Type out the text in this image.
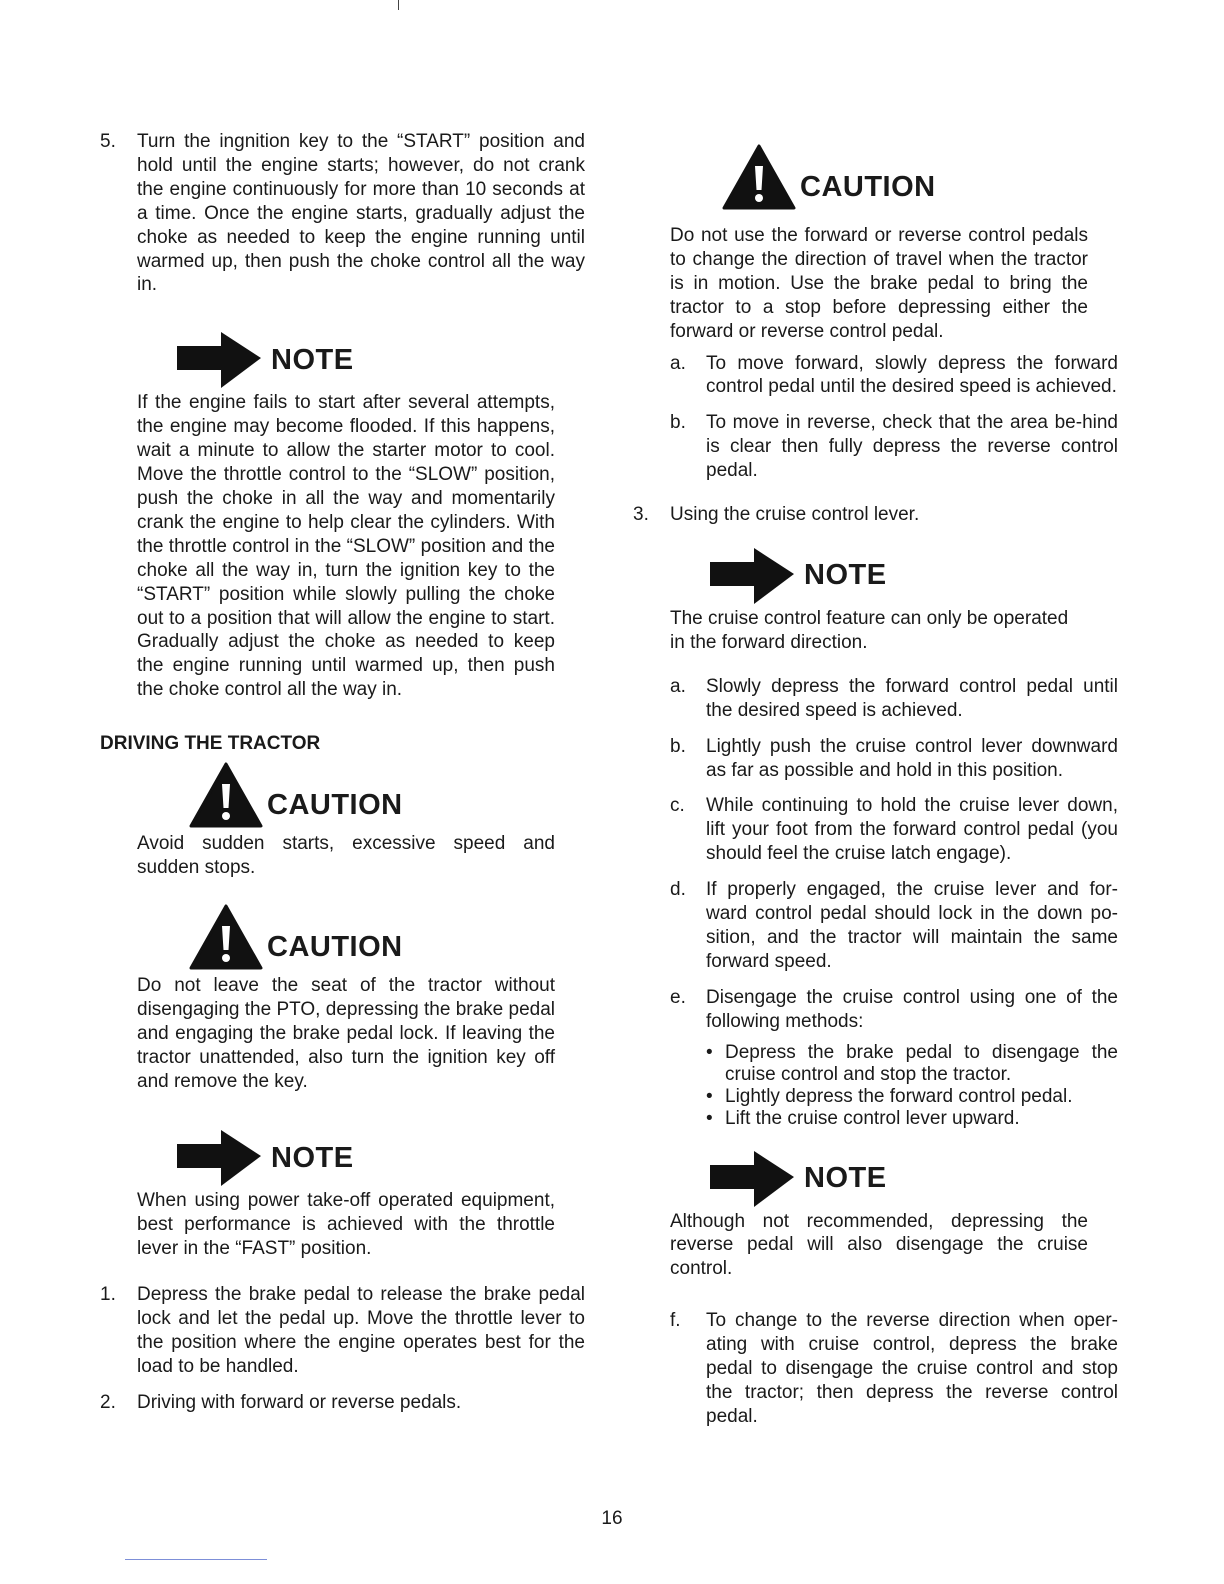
5.	Turn the ingnition key to the “START” position and hold until the engine starts; however, do not crank the engine continuously for more than 10 seconds at a time. Once the engine starts, gradually adjust the choke as needed to keep the engine running until warmed up, then push the choke control all the way in.

NOTE

If the engine fails to start after several attempts, the engine may become flooded. If this happens, wait a minute to allow the starter motor to cool. Move the throttle control to the “SLOW” position, push the choke in all the way and momentarily crank the engine to help clear the cylinders. With the throttle control in the “SLOW” position and the choke all the way in, turn the ignition key to the “START” position while slowly pulling the choke out to a position that will allow the engine to start. Gradually adjust the choke as needed to keep the engine running until warmed up, then push the choke control all the way in.

DRIVING THE TRACTOR

CAUTION

Avoid sudden starts, excessive speed and sudden stops.

CAUTION

Do not leave the seat of the tractor without disengaging the PTO, depressing the brake pedal and engaging the brake pedal lock. If leaving the tractor unattended, also turn the ignition key off and remove the key.

NOTE

When using power take-off operated equipment, best performance is achieved with the throttle lever in the “FAST” position.

1.	Depress the brake pedal to release the brake pedal lock and let the pedal up. Move the throttle lever to the position where the engine operates best for the load to be handled.

2.	Driving with forward or reverse pedals.

CAUTION

Do not use the forward or reverse control pedals to change the direction of travel when the tractor is in motion. Use the brake pedal to bring the tractor to a stop before depressing either the forward or reverse control pedal.

a.	To move forward, slowly depress the forward control pedal until the desired speed is achieved.

b.	To move in reverse, check that the area be-hind is clear then fully depress the reverse control pedal.

3.	Using the cruise control lever.

NOTE

The cruise control feature can only be operated in the forward direction.

a.	Slowly depress the forward control pedal until the desired speed is achieved.

b.	Lightly push the cruise control lever downward as far as possible and hold in this position.

c.	While continuing to hold the cruise lever down, lift your foot from the forward control pedal (you should feel the cruise latch engage).

d.	If properly engaged, the cruise lever and for-ward control pedal should lock in the down po-sition, and the tractor will maintain the same forward speed.

e.	Disengage the cruise control using one of the following methods:

• Depress the brake pedal to disengage the cruise control and stop the tractor.

• Lightly depress the forward control pedal.

• Lift the cruise control lever upward.

NOTE

Although not recommended, depressing the reverse pedal will also disengage the cruise control.

f.	To change to the reverse direction when oper-ating with cruise control, depress the brake pedal to disengage the cruise control and stop the tractor; then depress the reverse control pedal.

16
